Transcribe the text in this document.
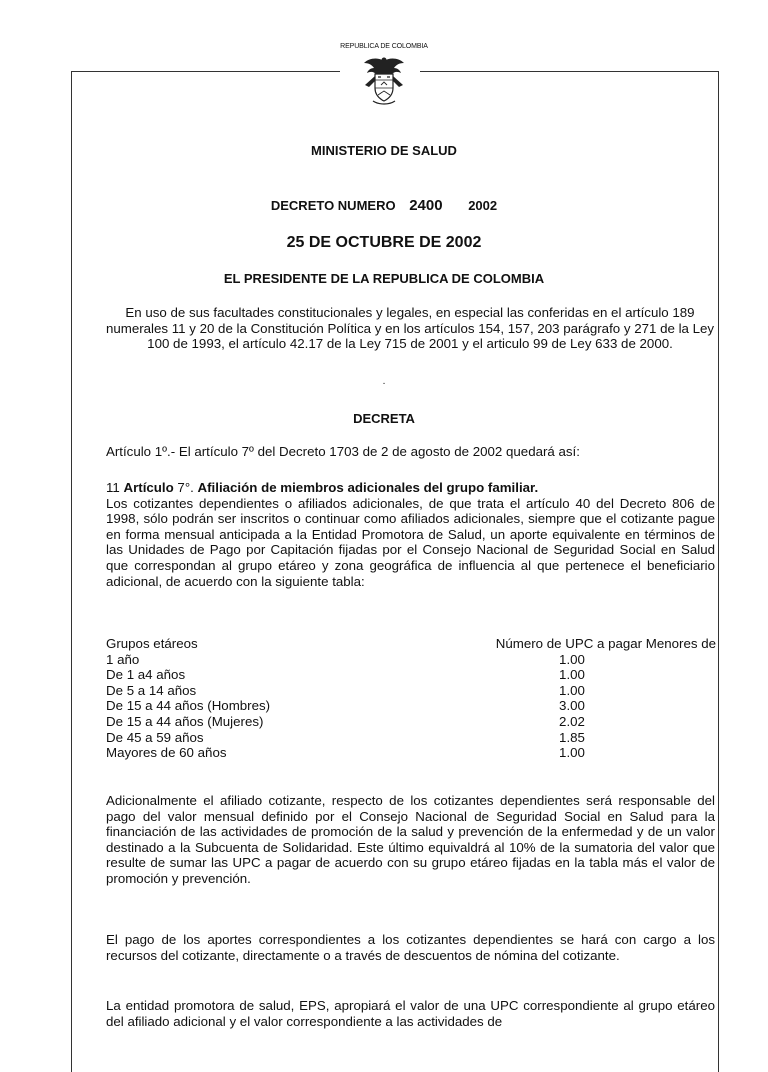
REPUBLICA DE COLOMBIA
MINISTERIO DE SALUD
DECRETO NUMERO 2400 2002
25 DE OCTUBRE DE 2002
EL PRESIDENTE DE LA REPUBLICA DE COLOMBIA
En uso de sus facultades constitucionales y legales, en especial las conferidas en el artículo 189 numerales 11 y 20 de la Constitución Política y en los artículos 154, 157, 203 parágrafo y 271 de la Ley 100 de 1993, el artículo 42.17 de la Ley 715 de 2001 y el articulo 99 de Ley 633 de 2000.
.
DECRETA
Artículo 1º.- El artículo 7º del Decreto 1703 de 2 de agosto de 2002 quedará así:

11 Artículo 7°. Afiliación de miembros adicionales del grupo familiar.

Los cotizantes dependientes o afiliados adicionales, de que trata el artículo 40 del Decreto 806 de 1998, sólo podrán ser inscritos o continuar como afiliados adicionales, siempre que el cotizante pague en forma mensual anticipada a la Entidad Promotora de Salud, un aporte equivalente en términos de las Unidades de Pago por Capitación fijadas por el Consejo Nacional de Seguridad Social en Salud que correspondan al grupo etáreo y zona geográfica de influencia al que pertenece el beneficiario adicional, de acuerdo con la siguiente tabla:

Grupos etáreos	Número de UPC a pagar Menores de
1 año	1.00
De 1 a4 años	1.00
De 5 a 14 años	1.00
De 15 a 44 años (Hombres)	3.00
De 15 a 44 años (Mujeres)	2.02
De 45 a 59 años	1.85
Mayores de 60 años	1.00
Adicionalmente el afiliado cotizante, respecto de los cotizantes dependientes será responsable del pago del valor mensual definido por el Consejo Nacional de Seguridad Social en Salud para la financiación de las actividades de promoción de la salud y prevención de la enfermedad y de un valor destinado a la Subcuenta de Solidaridad. Este último equivaldrá al 10% de la sumatoria del valor que resulte de sumar las UPC a pagar de acuerdo con su grupo etáreo fijadas en la tabla más el valor de promoción y prevención.
El pago de los aportes correspondientes a los cotizantes dependientes se hará con cargo a los recursos del cotizante, directamente o a través de descuentos de nómina del cotizante.
La entidad promotora de salud, EPS, apropiará el valor de una UPC correspondiente al grupo etáreo del afiliado adicional y el valor correspondiente a las actividades de
